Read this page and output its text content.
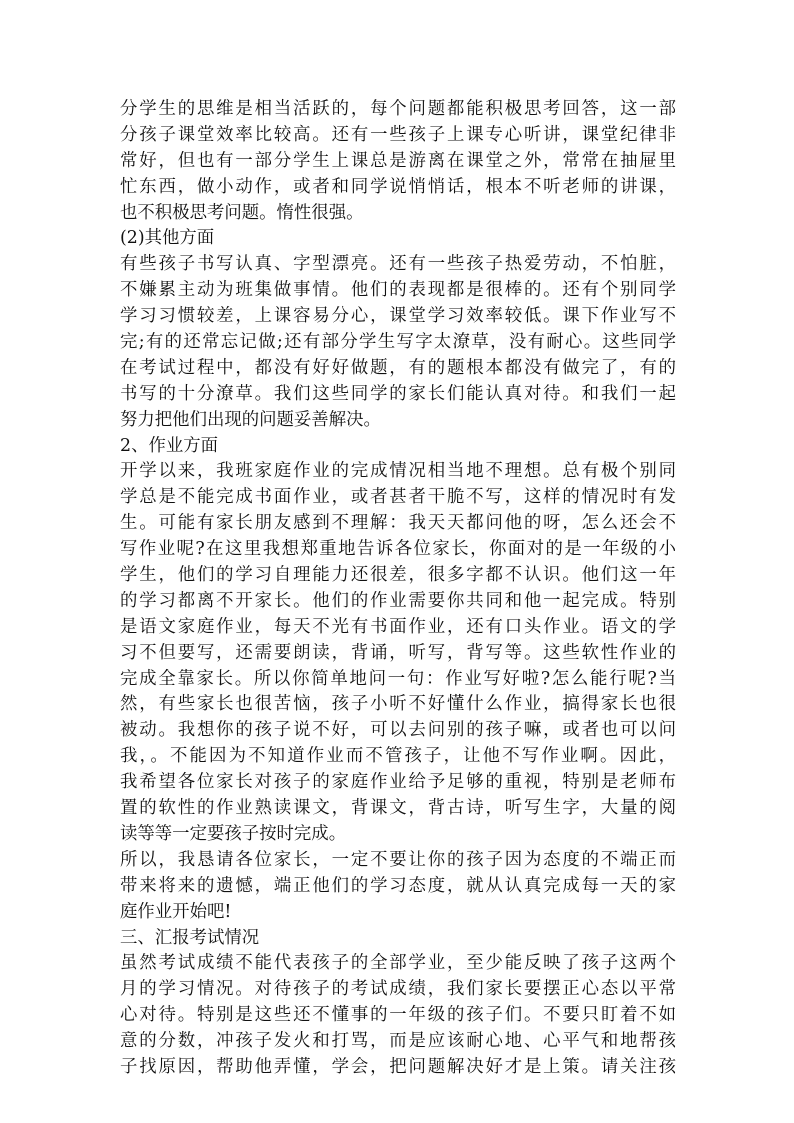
分学生的思维是相当活跃的，每个问题都能积极思考回答，这一部
分孩子课堂效率比较高。还有一些孩子上课专心听讲，课堂纪律非
常好，但也有一部分学生上课总是游离在课堂之外，常常在抽屉里
忙东西，做小动作，或者和同学说悄悄话，根本不听老师的讲课，
也不积极思考问题。惰性很强。
(2)其他方面
有些孩子书写认真、字型漂亮。还有一些孩子热爱劳动，不怕脏，
不嫌累主动为班集做事情。他们的表现都是很棒的。还有个别同学
学习习惯较差，上课容易分心，课堂学习效率较低。课下作业写不
完;有的还常忘记做;还有部分学生写字太潦草，没有耐心。这些同学
在考试过程中，都没有好好做题，有的题根本都没有做完了，有的
书写的十分潦草。我们这些同学的家长们能认真对待。和我们一起
努力把他们出现的问题妥善解决。
2、作业方面
开学以来，我班家庭作业的完成情况相当地不理想。总有极个别同
学总是不能完成书面作业，或者甚者干脆不写，这样的情况时有发
生。可能有家长朋友感到不理解：我天天都问他的呀，怎么还会不
写作业呢?在这里我想郑重地告诉各位家长，你面对的是一年级的小
学生，他们的学习自理能力还很差，很多字都不认识。他们这一年
的学习都离不开家长。他们的作业需要你共同和他一起完成。特别
是语文家庭作业，每天不光有书面作业，还有口头作业。语文的学
习不但要写，还需要朗读，背诵，听写，背写等。这些软性作业的
完成全靠家长。所以你简单地问一句：作业写好啦?怎么能行呢?当
然，有些家长也很苦恼，孩子小听不好懂什么作业，搞得家长也很
被动。我想你的孩子说不好，可以去问别的孩子嘛，或者也可以问
我，。不能因为不知道作业而不管孩子，让他不写作业啊。因此，
我希望各位家长对孩子的家庭作业给予足够的重视，特别是老师布
置的软性的作业熟读课文，背课文，背古诗，听写生字，大量的阅
读等等一定要孩子按时完成。
所以，我恳请各位家长，一定不要让你的孩子因为态度的不端正而
带来将来的遗憾，端正他们的学习态度，就从认真完成每一天的家
庭作业开始吧!
三、汇报考试情况
虽然考试成绩不能代表孩子的全部学业，至少能反映了孩子这两个
月的学习情况。对待孩子的考试成绩，我们家长要摆正心态以平常
心对待。特别是这些还不懂事的一年级的孩子们。不要只盯着不如
意的分数，冲孩子发火和打骂，而是应该耐心地、心平气和地帮孩
子找原因，帮助他弄懂，学会，把问题解决好才是上策。请关注孩
